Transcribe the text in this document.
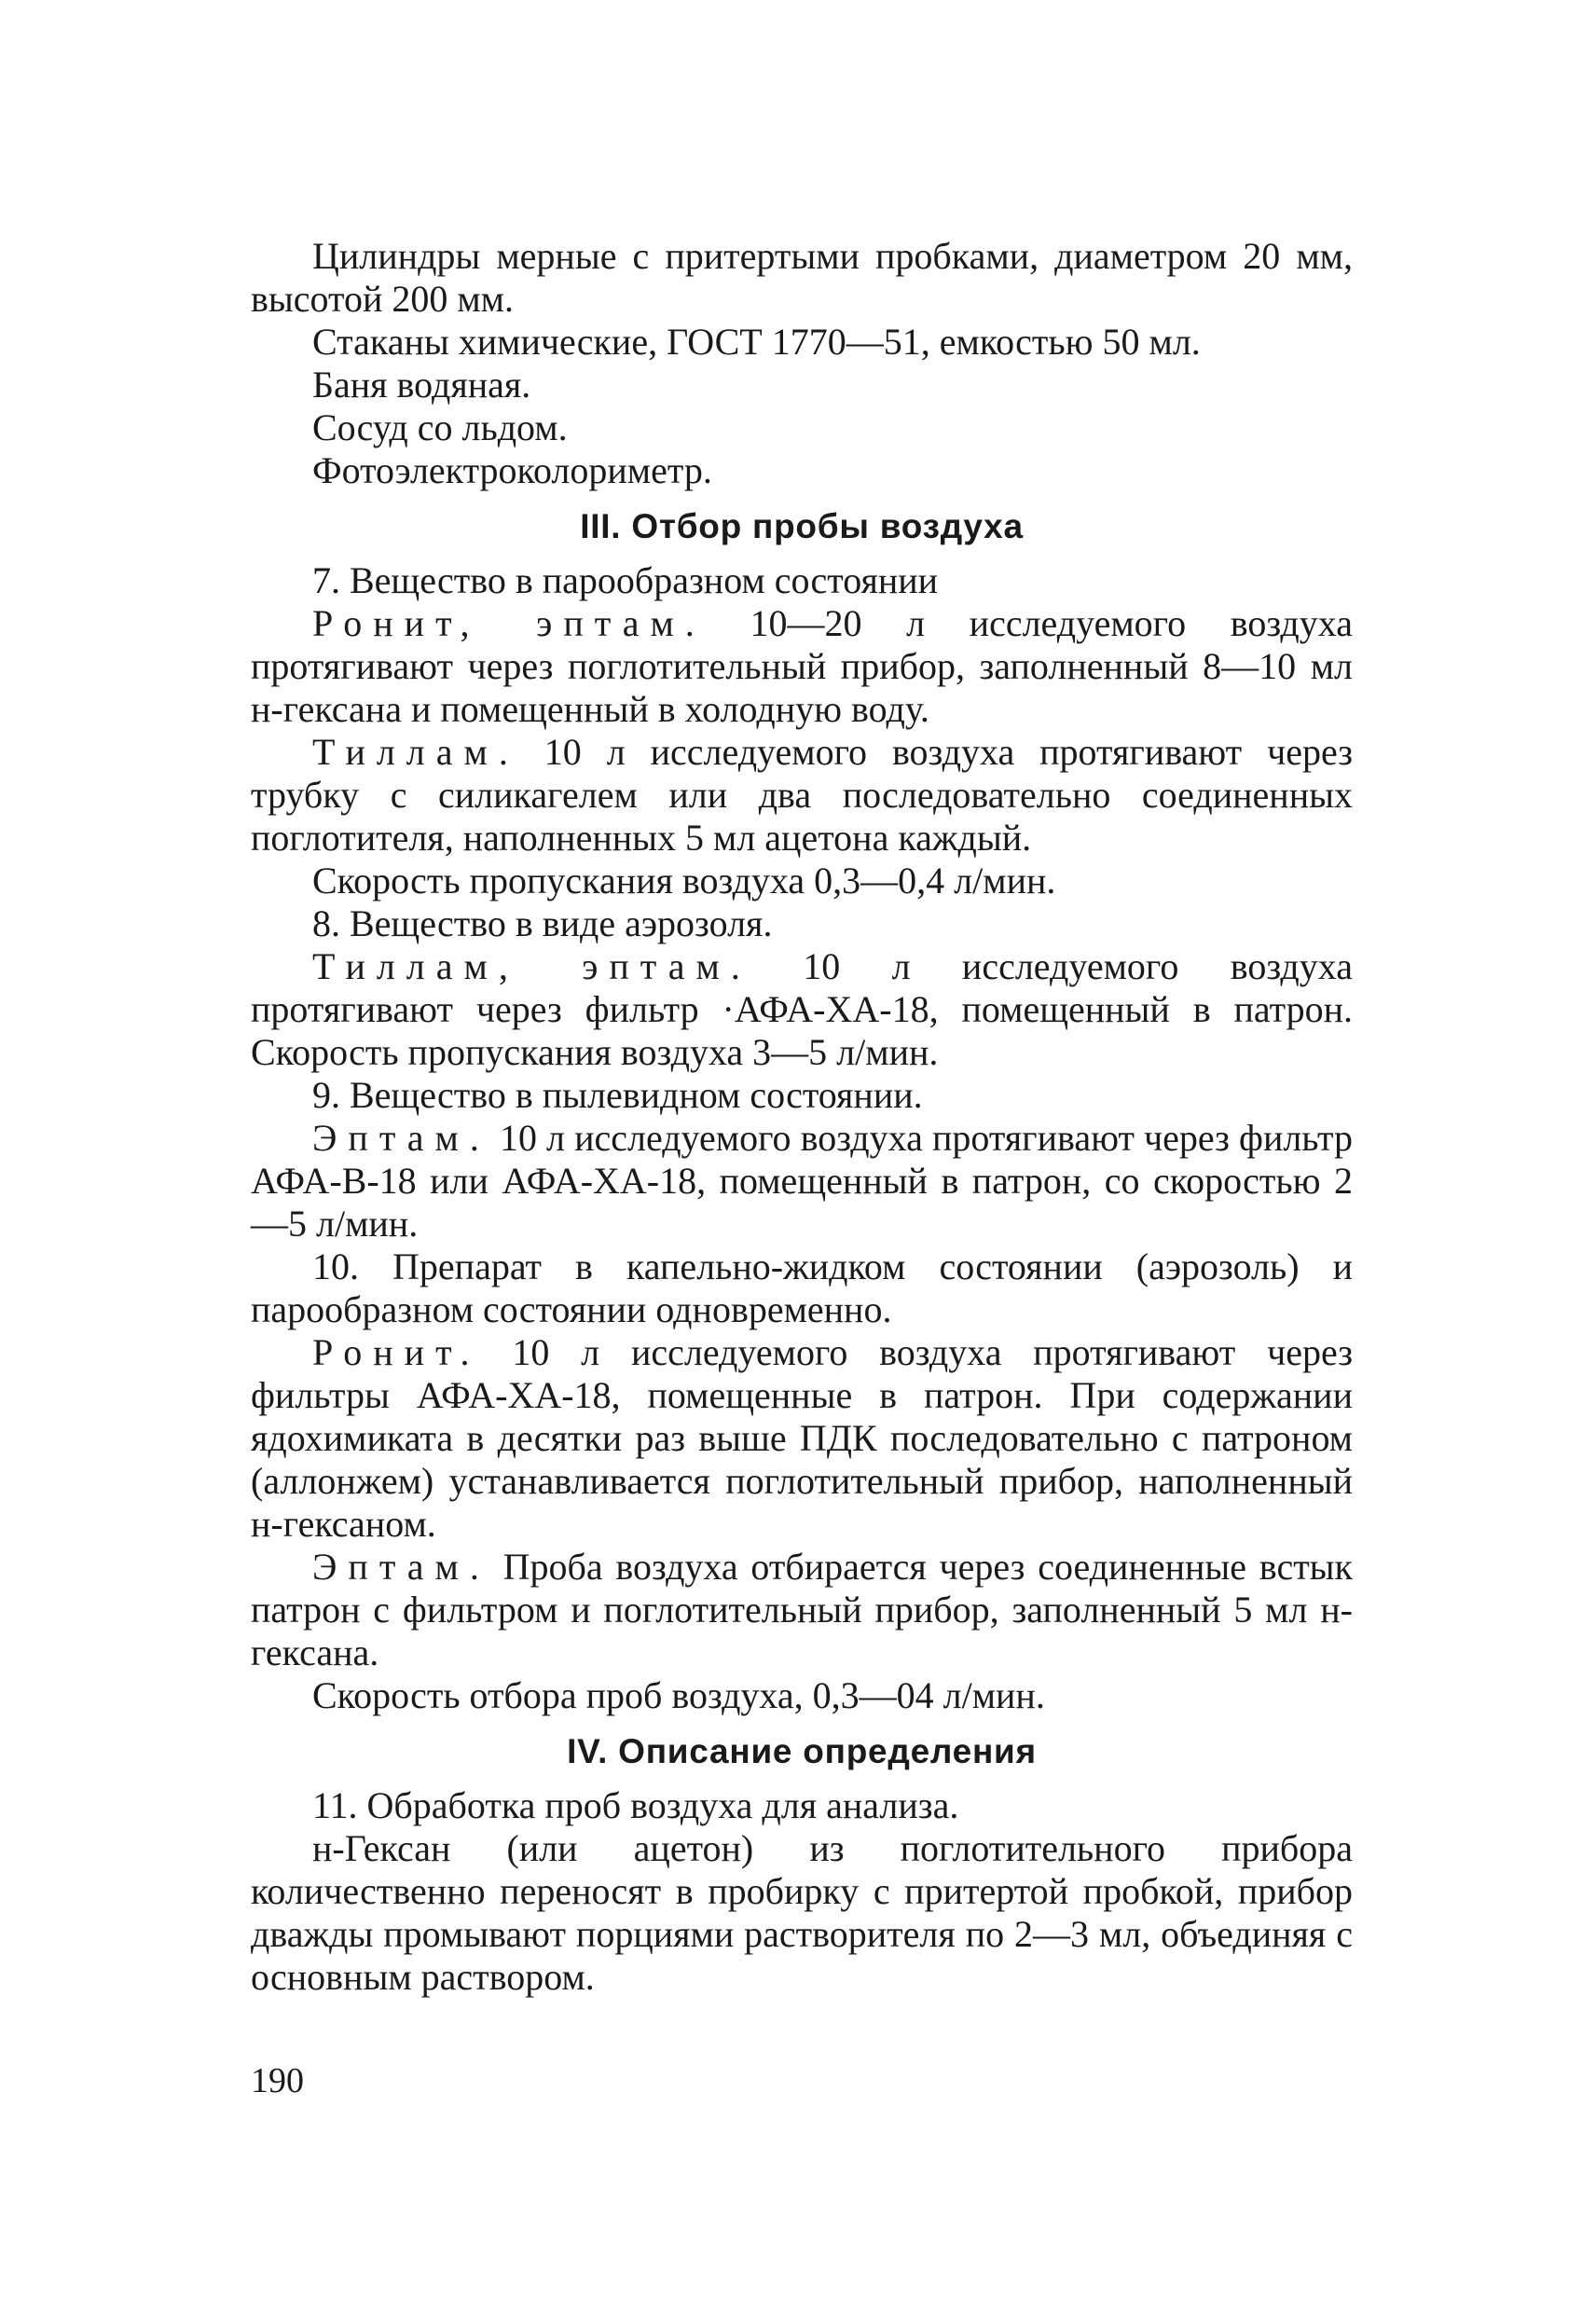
Цилиндры мерные с притертыми пробками, диаметром 20 мм, высотой 200 мм.

Стаканы химические, ГОСТ 1770—51, емкостью 50 мл.

Баня водяная.

Сосуд со льдом.

Фотоэлектроколориметр.

III. Отбор пробы воздуха

7. Вещество в парообразном состоянии

Ронит, эптам. 10—20 л исследуемого воздуха протягивают через поглотительный прибор, заполненный 8—10 мл н-гексана и помещенный в холодную воду.

Тиллам. 10 л исследуемого воздуха протягивают через трубку с силикагелем или два последовательно соединенных поглотителя, наполненных 5 мл ацетона каждый.

Скорость пропускания воздуха 0,3—0,4 л/мин.

8. Вещество в виде аэрозоля.

Тиллам, эптам. 10 л исследуемого воздуха протягивают через фильтр ·АФА-ХА-18, помещенный в патрон. Скорость пропускания воздуха 3—5 л/мин.

9. Вещество в пылевидном состоянии.

Эптам. 10 л исследуемого воздуха протягивают через фильтр АФА-В-18 или АФА-ХА-18, помещенный в патрон, со скоростью 2—5 л/мин.

10. Препарат в капельно-жидком состоянии (аэрозоль) и парообразном состоянии одновременно.

Ронит. 10 л исследуемого воздуха протягивают через фильтры АФА-ХА-18, помещенные в патрон. При содержании ядохимиката в десятки раз выше ПДК последовательно с патроном (аллонжем) устанавливается поглотительный прибор, наполненный н-гексаном.

Эптам. Проба воздуха отбирается через соединенные встык патрон с фильтром и поглотительный прибор, заполненный 5 мл н-гексана.

Скорость отбора проб воздуха, 0,3—04 л/мин.

IV. Описание определения

11. Обработка проб воздуха для анализа.

н-Гексан (или ацетон) из поглотительного прибора количественно переносят в пробирку с притертой пробкой, прибор дважды промывают порциями растворителя по 2—3 мл, объединяя с основным раствором.

190
